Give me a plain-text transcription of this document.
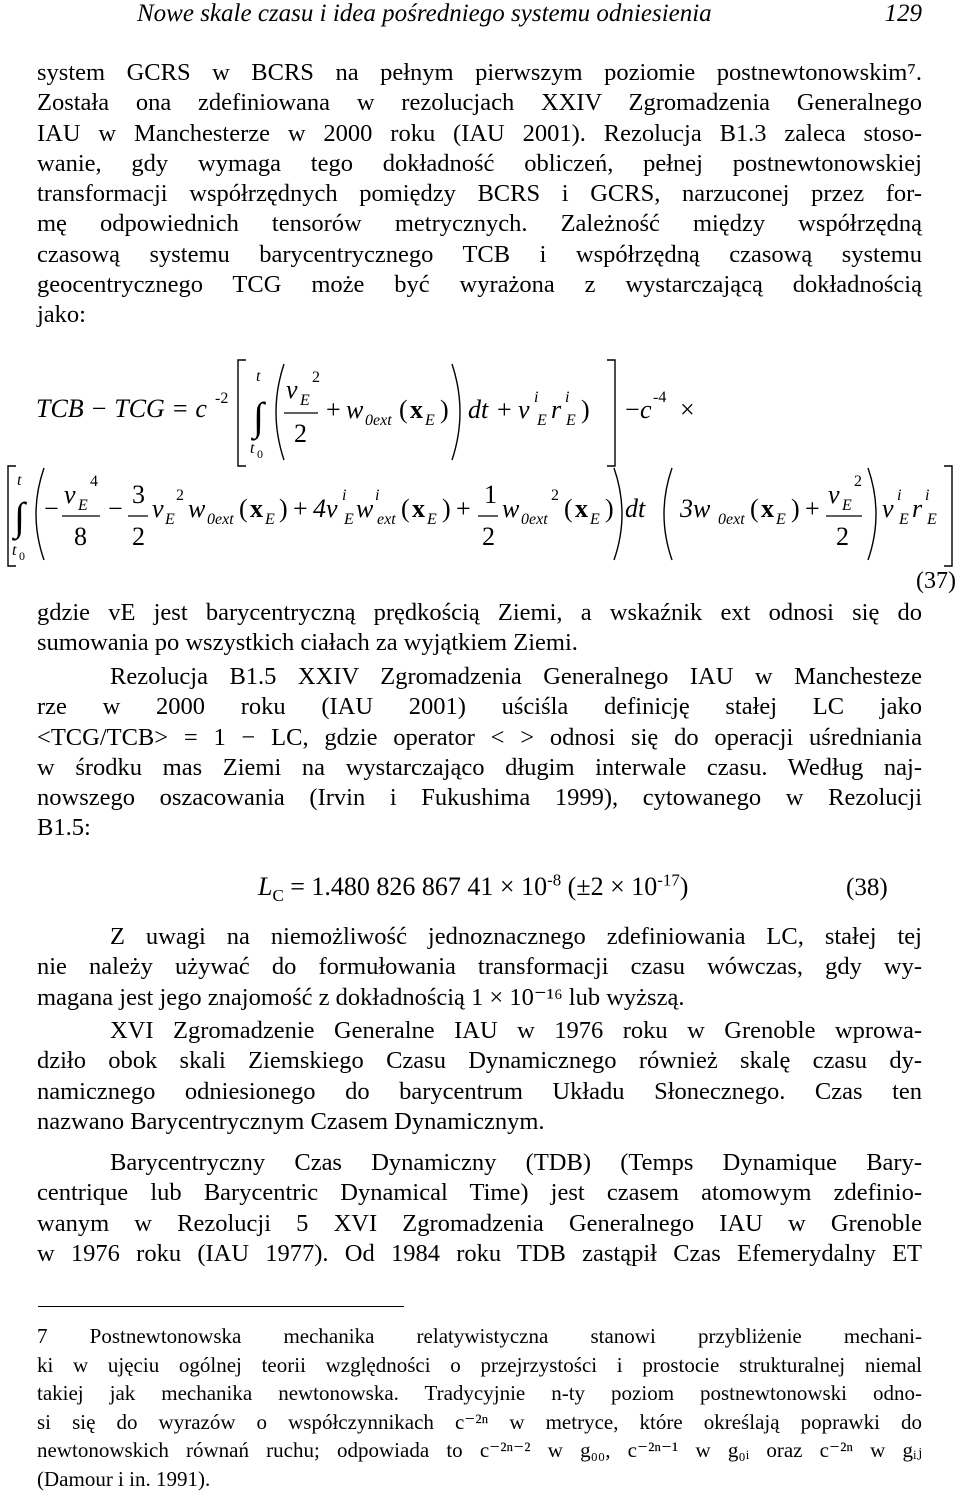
Nowe skale czasu i idea pośredniego systemu odniesienia	129
system GCRS w BCRS na pełnym pierwszym poziomie postnewtonowskim⁷.
Została ona zdefiniowana w rezolucjach XXIV Zgromadzenia Generalnego
IAU w Manchesterze w 2000 roku (IAU 2001). Rezolucja B1.3 zaleca stoso-
wanie, gdy wymaga tego dokładność obliczeń, pełnej postnewtonowskiej
transformacji współrzędnych pomiędzy BCRS i GCRS, narzuconej przez for-
mę odpowiednich tensorów metrycznych. Zależność między współrzędną
czasową systemu barycentrycznego TCB i współrzędną czasową systemu
geocentrycznego TCG może być wyrażona z wystarczającą dokładnością
jako:
TCB − TCG = c -2 ∫
t
t 0
v E
2
2
+ w 0ext ( x E ) dt + v i
E r i
E ) − c -4 ×
∫
t
t 0
− v E
4
8
− 3
2
v E
2 w 0ext ( x E ) + 4v i
E w i
ext ( x E ) + 1
2
w 0ext
2 ( x E ) dt 3w 0ext ( x E ) + v E
2
2
v i
E r i
E
(37)
gdzie vE jest barycentryczną prędkością Ziemi, a wskaźnik ext odnosi się do
sumowania po wszystkich ciałach za wyjątkiem Ziemi.
Rezolucja B1.5 XXIV Zgromadzenia Generalnego IAU w Manchesteze
rze w 2000 roku (IAU 2001) uściśla definicję stałej LC jako
<TCG/TCB> = 1 − LC, gdzie operator < > odnosi się do operacji uśredniania
w środku mas Ziemi na wystarczająco długim interwale czasu. Według naj-
nowszego oszacowania (Irvin i Fukushima 1999), cytowanego w Rezolucji
B1.5:
$L_C = 1.480$ 826 867 $41 \times 10^{-8}$ $(\pm 2 \times 10^{-17})$	(38)
Z uwagi na niemożliwość jednoznacznego zdefiniowania LC, stałej tej
nie należy używać do formułowania transformacji czasu wówczas, gdy wy-
magana jest jego znajomość z dokładnością 1 × 10⁻¹⁶ lub wyższą.
XVI Zgromadzenie Generalne IAU w 1976 roku w Grenoble wprowa-
dziło obok skali Ziemskiego Czasu Dynamicznego również skalę czasu dy-
namicznego odniesionego do barycentrum Układu Słonecznego. Czas ten
nazwano Barycentrycznym Czasem Dynamicznym.
Barycentryczny Czas Dynamiczny (TDB) (Temps Dynamique Bary-
centrique lub Barycentric Dynamical Time) jest czasem atomowym zdefinio-
wanym w Rezolucji 5 XVI Zgromadzenia Generalnego IAU w Grenoble
w 1976 roku (IAU 1977). Od 1984 roku TDB zastąpił Czas Efemerydalny ET
7 Postnewtonowska mechanika relatywistyczna stanowi przybliżenie mechani-
ki w ujęciu ogólnej teorii względności o przejrzystości i prostocie strukturalnej niemal
takiej jak mechanika newtonowska. Tradycyjnie n-ty poziom postnewtonowski odno-
si się do wyrazów o współczynnikach c⁻²ⁿ w metryce, które określają poprawki do
newtonowskich równań ruchu; odpowiada to c⁻²ⁿ⁻² w g₀₀, c⁻²ⁿ⁻¹ w g₀ᵢ oraz c⁻²ⁿ w gᵢⱼ
(Damour i in. 1991).
